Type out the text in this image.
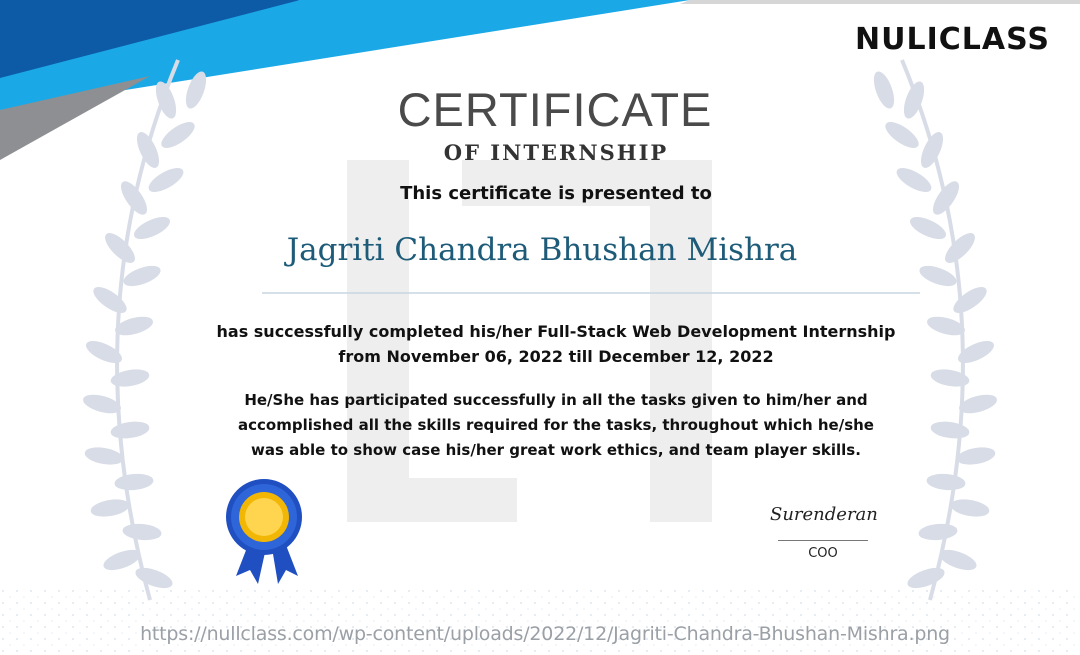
NULICLASS
CERTIFICATE
OF INTERNSHIP
This certificate is presented to
Jagriti Chandra Bhushan Mishra
has successfully completed his/her Full-Stack Web Development Internship
from November 06, 2022 till December 12, 2022
He/She has participated successfully in all the tasks given to him/her and
accomplished all the skills required for the tasks, throughout which he/she
was able to show case his/her great work ethics, and team player skills.
Surenderan
COO
https://nullclass.com/wp-content/uploads/2022/12/Jagriti-Chandra-Bhushan-Mishra.png
